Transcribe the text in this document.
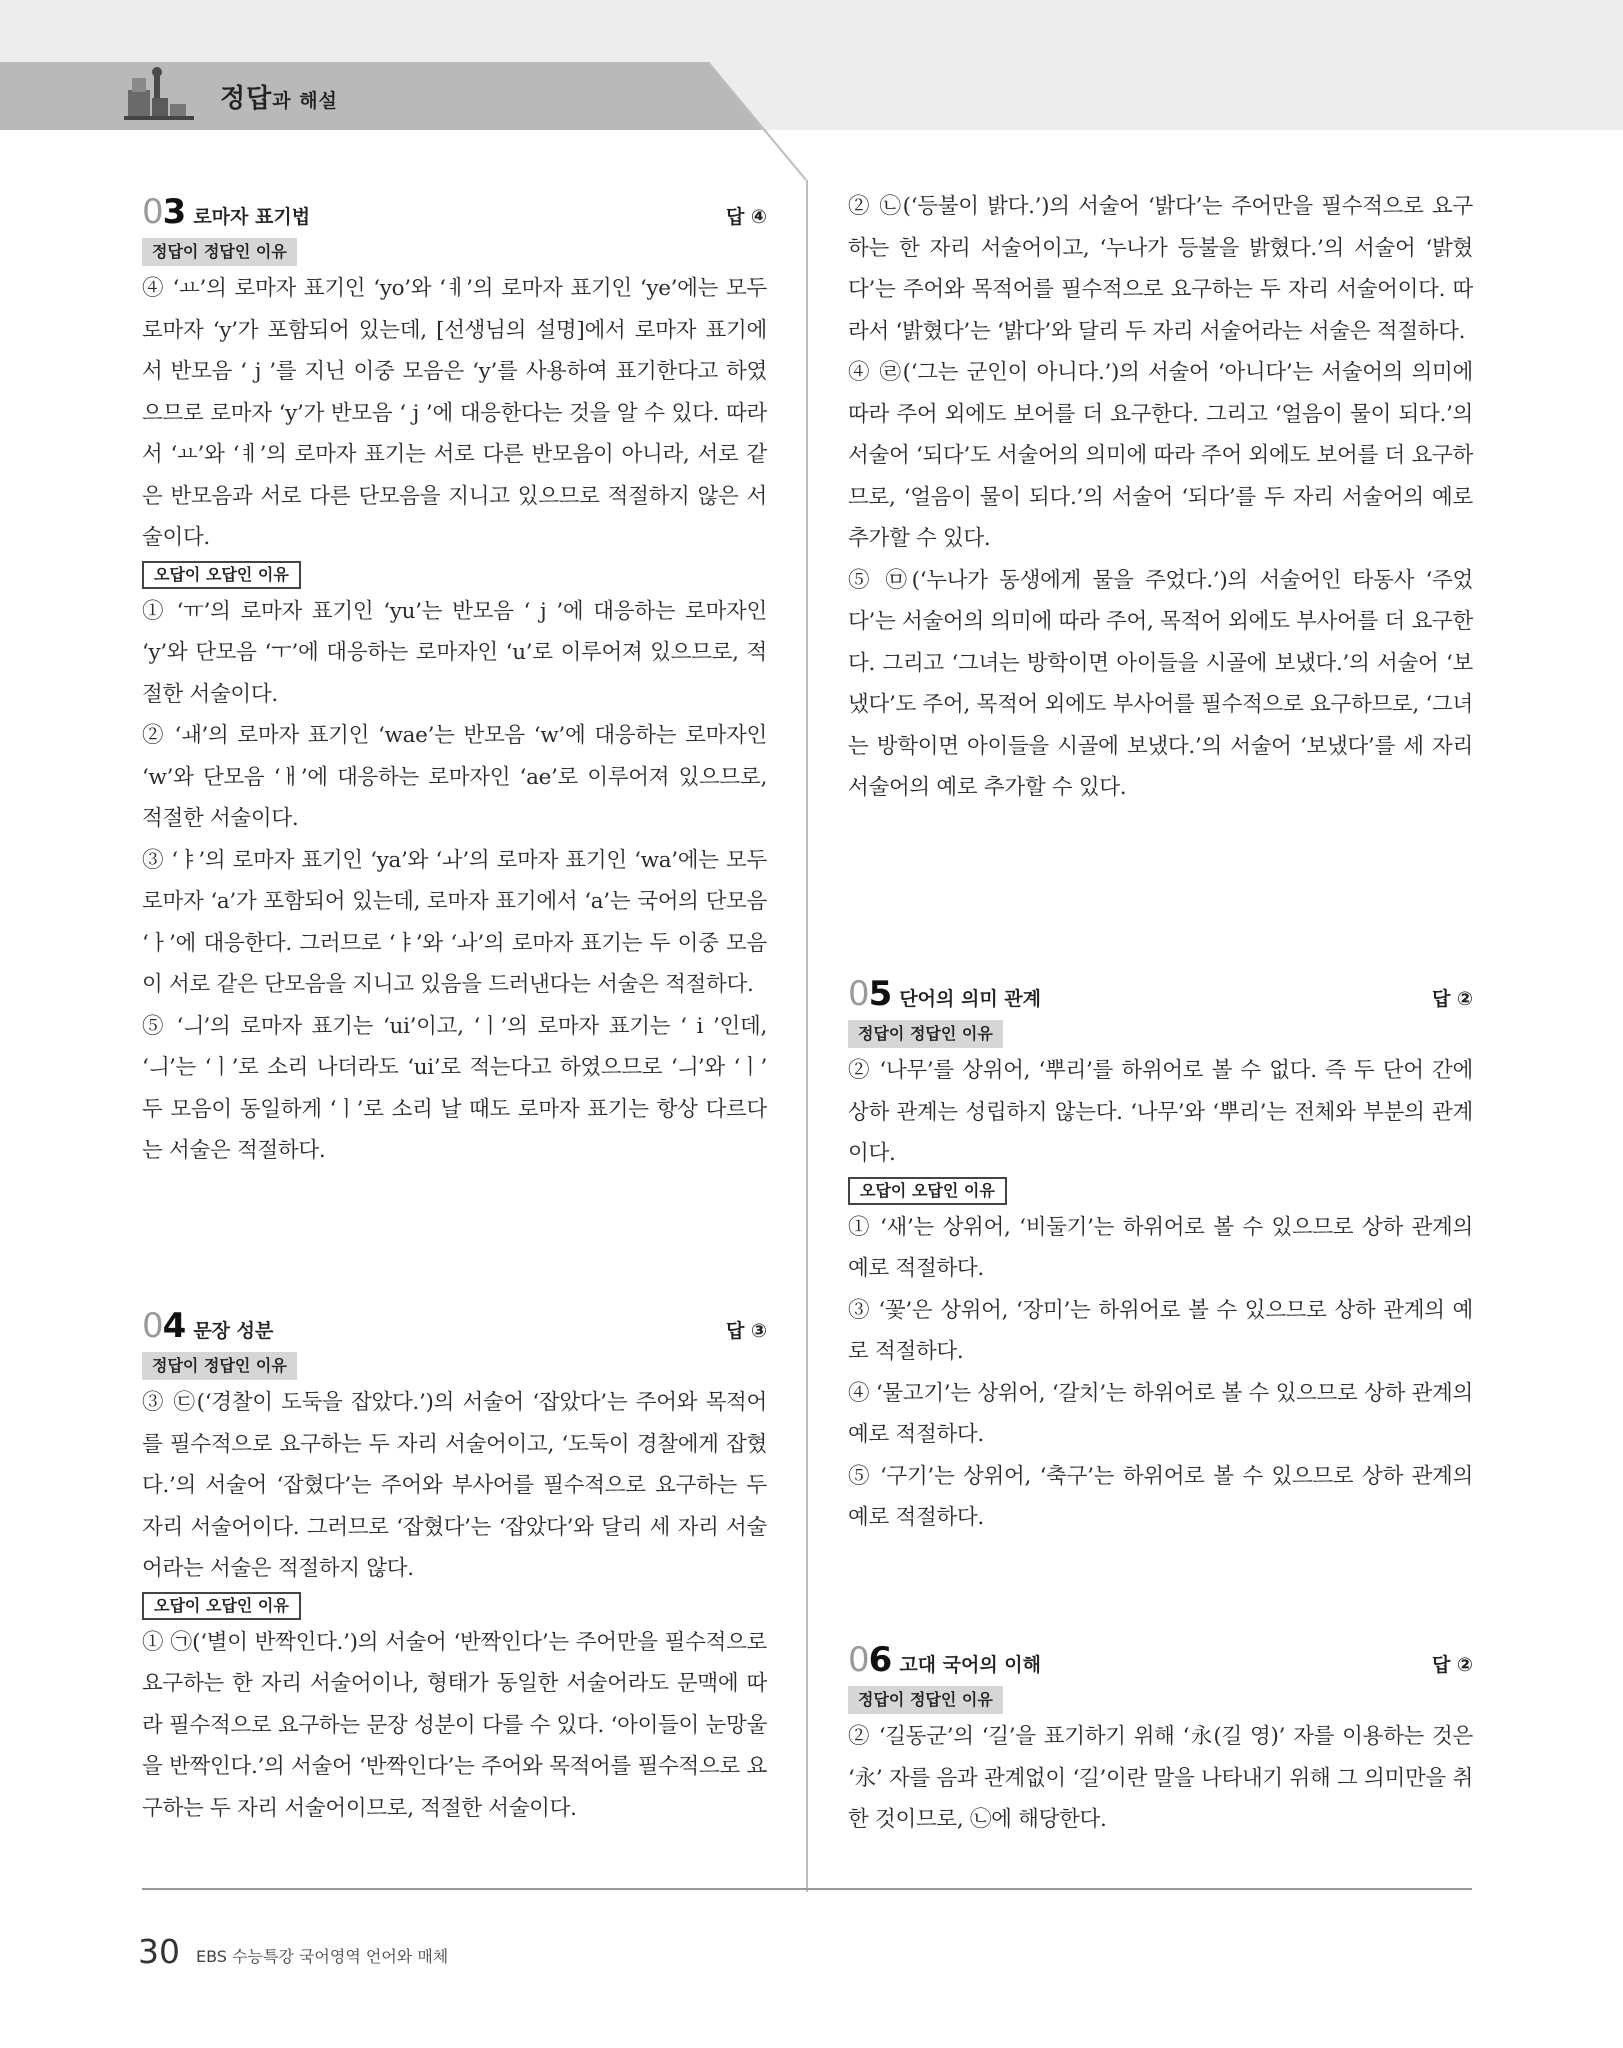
정답과 해설
03 로마자 표기법	답 ④
정답이 정답인 이유

④ ‘ㅛ’의 로마자 표기인 ‘yo’와 ‘ㅖ’의 로마자 표기인 ‘ye’에는 모두 로마자 ‘y’가 포함되어 있는데, [선생님의 설명]에서 로마자 표기에서 반모음 ‘ j ’를 지닌 이중 모음은 ‘y’를 사용하여 표기한다고 하였으므로 로마자 ‘y’가 반모음 ‘ j ’에 대응한다는 것을 알 수 있다. 따라서 ‘ㅛ’와 ‘ㅖ’의 로마자 표기는 서로 다른 반모음이 아니라, 서로 같은 반모음과 서로 다른 단모음을 지니고 있으므로 적절하지 않은 서술이다.

오답이 오답인 이유

① ‘ㅠ’의 로마자 표기인 ‘yu’는 반모음 ‘ j ’에 대응하는 로마자인 ‘y’와 단모음 ‘ㅜ’에 대응하는 로마자인 ‘u’로 이루어져 있으므로, 적절한 서술이다.

② ‘ㅙ’의 로마자 표기인 ‘wae’는 반모음 ‘w’에 대응하는 로마자인 ‘w’와 단모음 ‘ㅐ’에 대응하는 로마자인 ‘ae’로 이루어져 있으므로, 적절한 서술이다.

③ ‘ㅑ’의 로마자 표기인 ‘ya’와 ‘ㅘ’의 로마자 표기인 ‘wa’에는 모두 로마자 ‘a’가 포함되어 있는데, 로마자 표기에서 ‘a’는 국어의 단모음 ‘ㅏ’에 대응한다. 그러므로 ‘ㅑ’와 ‘ㅘ’의 로마자 표기는 두 이중 모음이 서로 같은 단모음을 지니고 있음을 드러낸다는 서술은 적절하다.

⑤ ‘ㅢ’의 로마자 표기는 ‘ui’이고, ‘ㅣ’의 로마자 표기는 ‘ i ’인데, ‘ㅢ’는 ‘ㅣ’로 소리 나더라도 ‘ui’로 적는다고 하였으므로 ‘ㅢ’와 ‘ㅣ’ 두 모음이 동일하게 ‘ㅣ’로 소리 날 때도 로마자 표기는 항상 다르다는 서술은 적절하다.

04 문장 성분	답 ③
정답이 정답인 이유

③ ㉢(‘경찰이 도둑을 잡았다.’)의 서술어 ‘잡았다’는 주어와 목적어를 필수적으로 요구하는 두 자리 서술어이고, ‘도둑이 경찰에게 잡혔다.’의 서술어 ‘잡혔다’는 주어와 부사어를 필수적으로 요구하는 두 자리 서술어이다. 그러므로 ‘잡혔다’는 ‘잡았다’와 달리 세 자리 서술어라는 서술은 적절하지 않다.

오답이 오답인 이유

① ㉠(‘별이 반짝인다.’)의 서술어 ‘반짝인다’는 주어만을 필수적으로 요구하는 한 자리 서술어이나, 형태가 동일한 서술어라도 문맥에 따라 필수적으로 요구하는 문장 성분이 다를 수 있다. ‘아이들이 눈망울을 반짝인다.’의 서술어 ‘반짝인다’는 주어와 목적어를 필수적으로 요구하는 두 자리 서술어이므로, 적절한 서술이다.

② ㉡(‘등불이 밝다.’)의 서술어 ‘밝다’는 주어만을 필수적으로 요구하는 한 자리 서술어이고, ‘누나가 등불을 밝혔다.’의 서술어 ‘밝혔다’는 주어와 목적어를 필수적으로 요구하는 두 자리 서술어이다. 따라서 ‘밝혔다’는 ‘밝다’와 달리 두 자리 서술어라는 서술은 적절하다.

④ ㉣(‘그는 군인이 아니다.’)의 서술어 ‘아니다’는 서술어의 의미에 따라 주어 외에도 보어를 더 요구한다. 그리고 ‘얼음이 물이 되다.’의 서술어 ‘되다’도 서술어의 의미에 따라 주어 외에도 보어를 더 요구하므로, ‘얼음이 물이 되다.’의 서술어 ‘되다’를 두 자리 서술어의 예로 추가할 수 있다.

⑤ ㉤(‘누나가 동생에게 물을 주었다.’)의 서술어인 타동사 ‘주었다’는 서술어의 의미에 따라 주어, 목적어 외에도 부사어를 더 요구한다. 그리고 ‘그녀는 방학이면 아이들을 시골에 보냈다.’의 서술어 ‘보냈다’도 주어, 목적어 외에도 부사어를 필수적으로 요구하므로, ‘그녀는 방학이면 아이들을 시골에 보냈다.’의 서술어 ‘보냈다’를 세 자리 서술어의 예로 추가할 수 있다.

05 단어의 의미 관계	답 ②
정답이 정답인 이유

② ‘나무’를 상위어, ‘뿌리’를 하위어로 볼 수 없다. 즉 두 단어 간에 상하 관계는 성립하지 않는다. ‘나무’와 ‘뿌리’는 전체와 부분의 관계이다.

오답이 오답인 이유

① ‘새’는 상위어, ‘비둘기’는 하위어로 볼 수 있으므로 상하 관계의 예로 적절하다.

③ ‘꽃’은 상위어, ‘장미’는 하위어로 볼 수 있으므로 상하 관계의 예로 적절하다.

④ ‘물고기’는 상위어, ‘갈치’는 하위어로 볼 수 있으므로 상하 관계의 예로 적절하다.

⑤ ‘구기’는 상위어, ‘축구’는 하위어로 볼 수 있으므로 상하 관계의 예로 적절하다.

06 고대 국어의 이해	답 ②
정답이 정답인 이유

② ‘길동군’의 ‘길’을 표기하기 위해 ‘永(길 영)’ 자를 이용하는 것은 ‘永’ 자를 음과 관계없이 ‘길’이란 말을 나타내기 위해 그 의미만을 취한 것이므로, ㉡에 해당한다.

30 EBS 수능특강 국어영역 언어와 매체
